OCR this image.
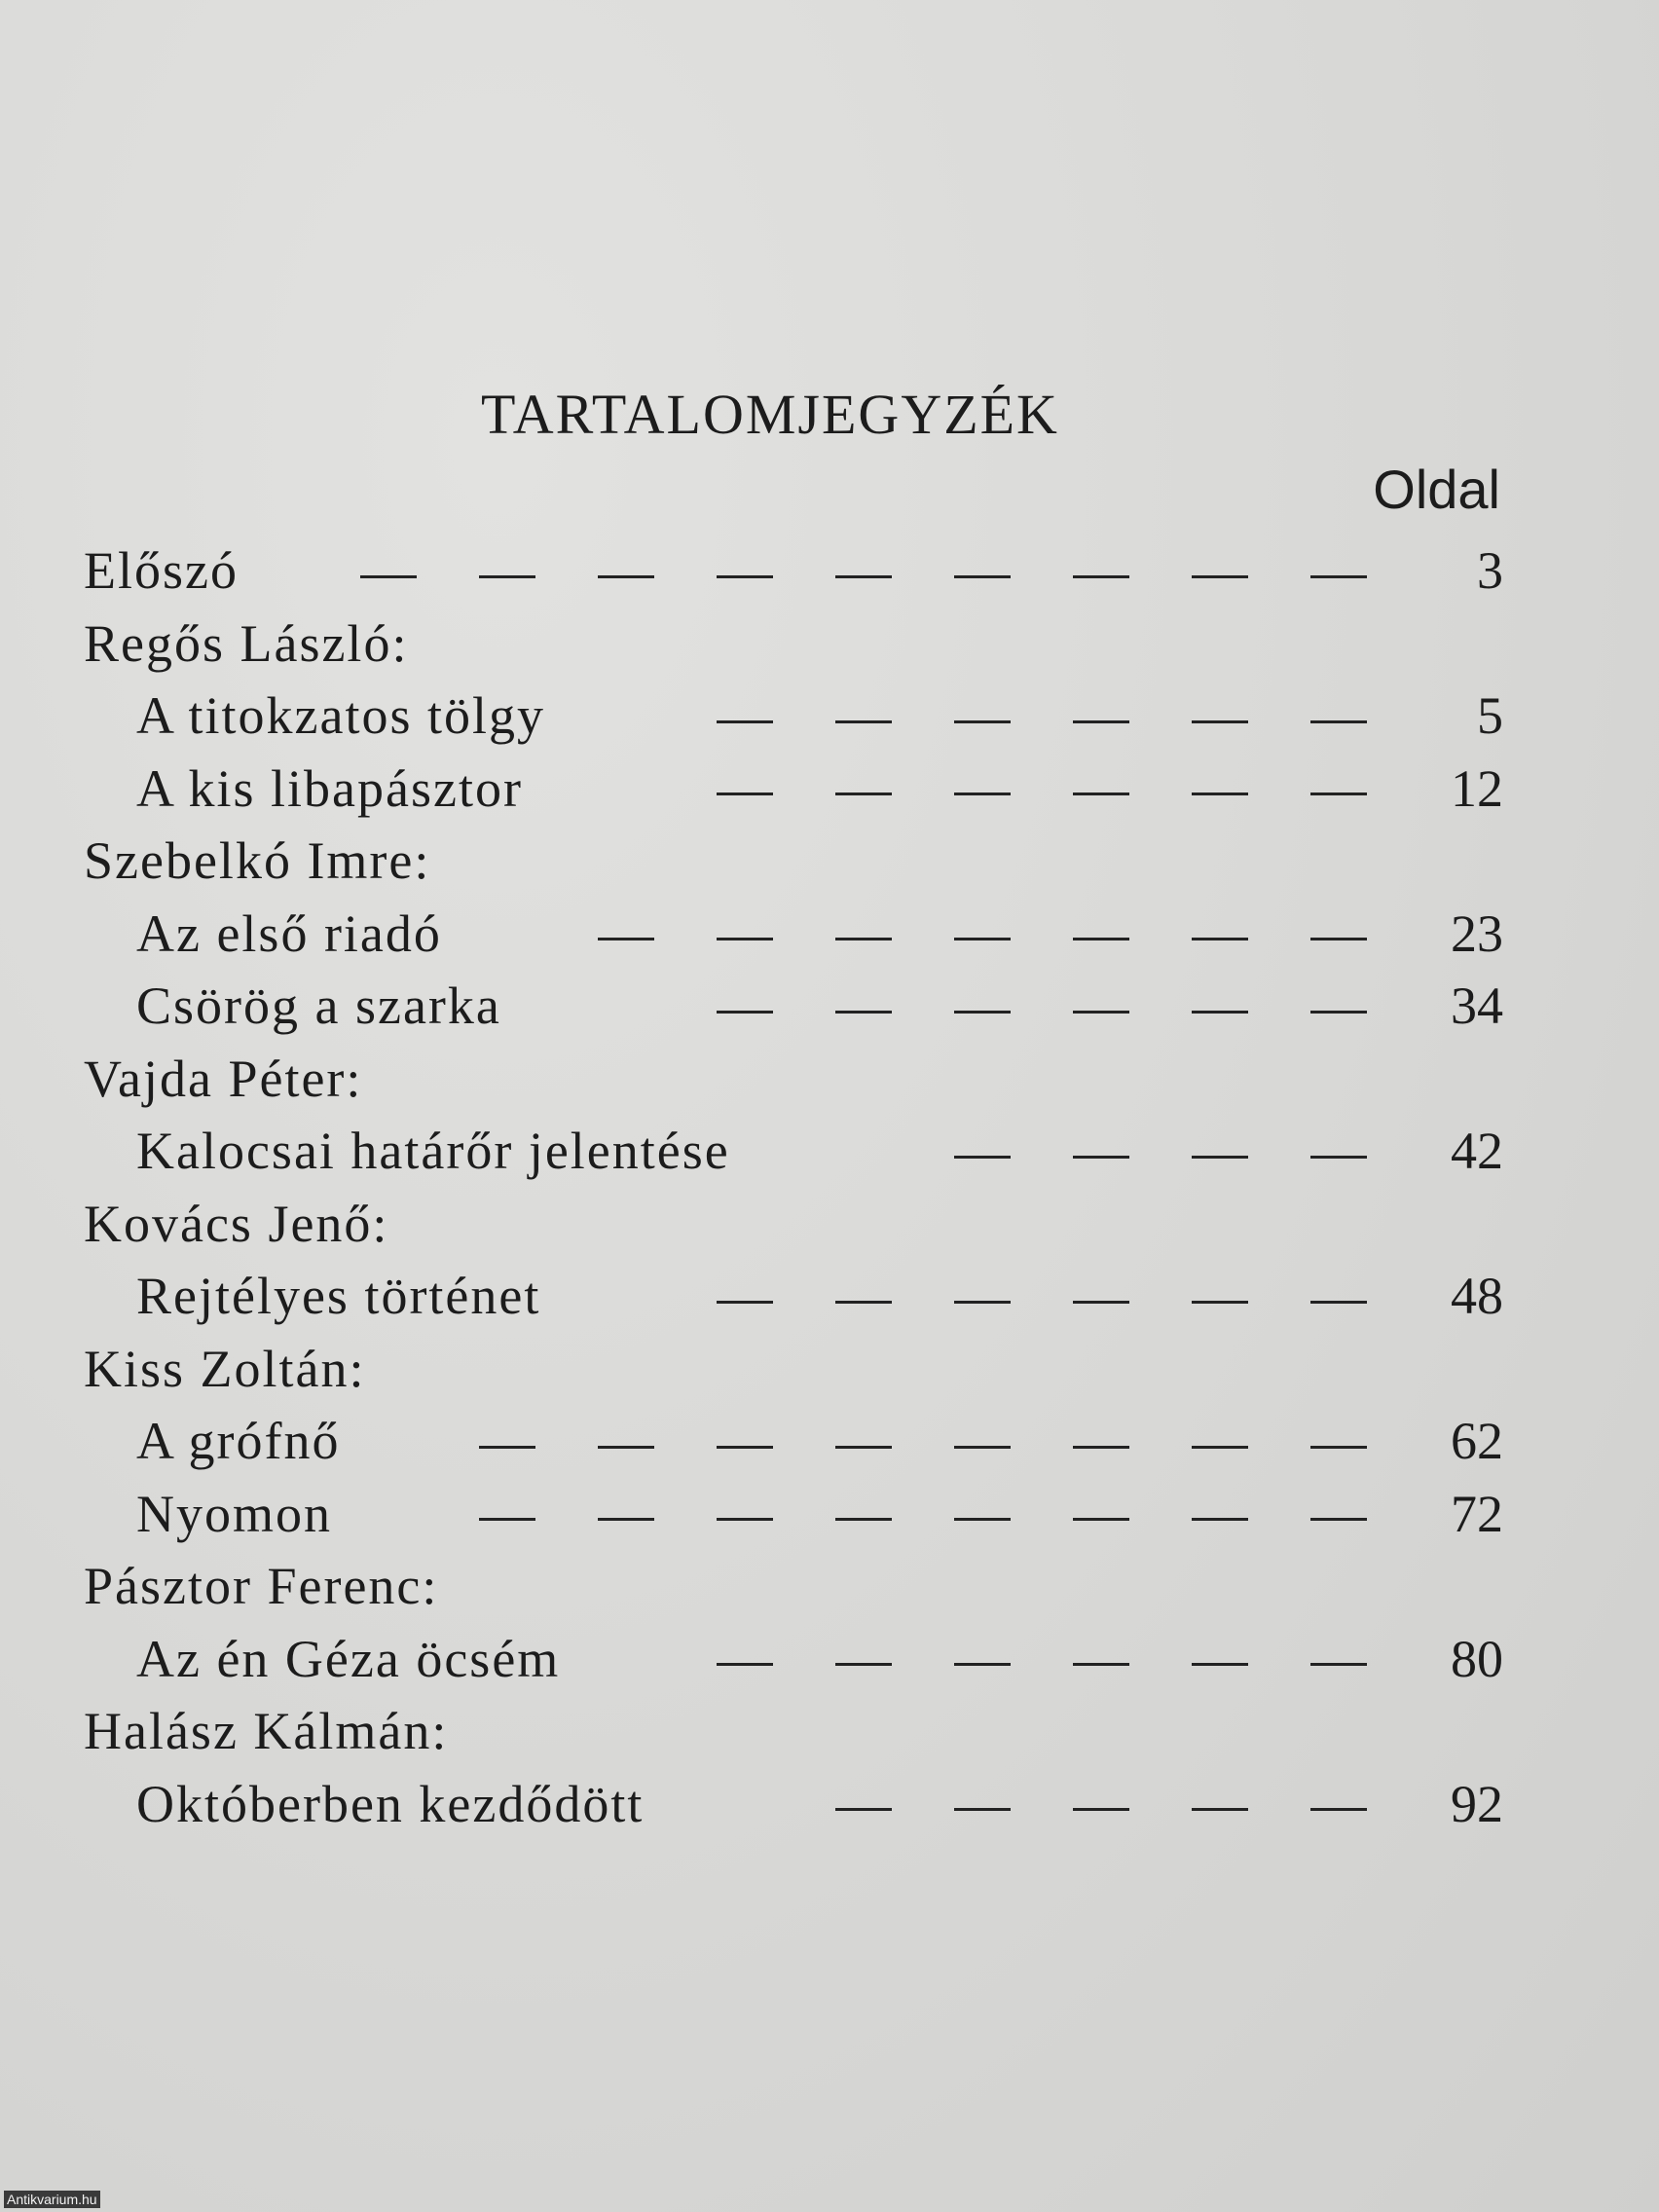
TARTALOMJEGYZÉK
Oldal
Előszó	3
Regős László:
A titokzatos tölgy	5
A kis libapásztor	12
Szebelkó Imre:
Az első riadó	23
Csörög a szarka	34
Vajda Péter:
Kalocsai határőr jelentése	42
Kovács Jenő:
Rejtélyes történet	48
Kiss Zoltán:
A grófnő	62
Nyomon	72
Pásztor Ferenc:
Az én Géza öcsém	80
Halász Kálmán:
Októberben kezdődött	92
Antikvarium.hu
